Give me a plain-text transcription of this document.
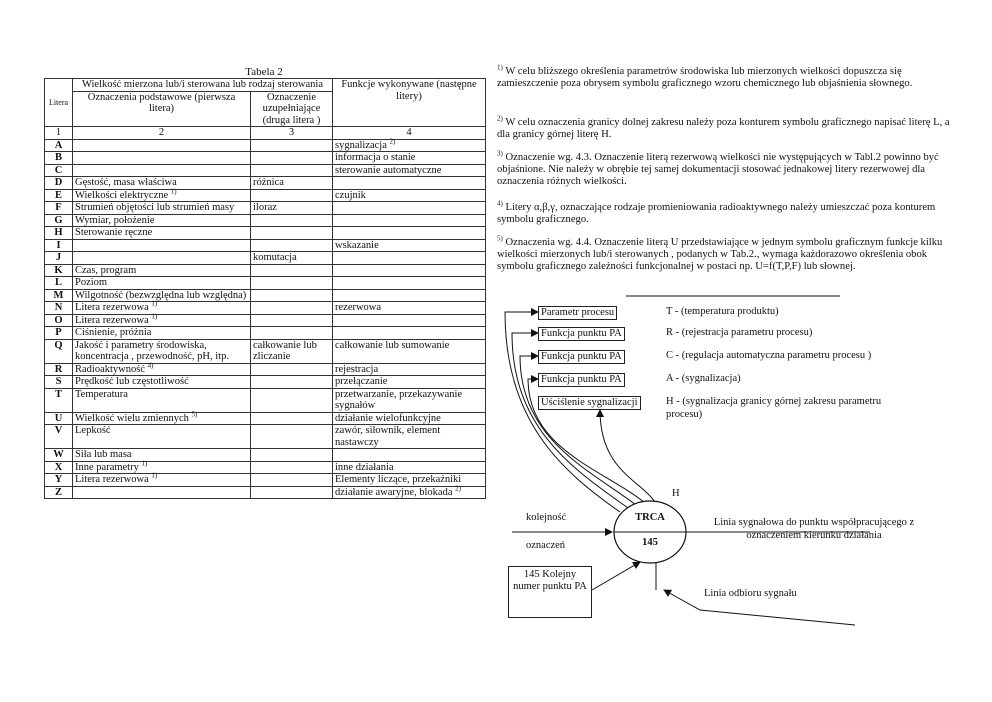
Tabela 2
Litera	Wielkość mierzona lub/i sterowana lub rodzaj sterowania		Funkcje wykonywane (następne litery)
	Oznaczenia podstawowe (pierwsza litera)	Oznaczenie uzupełniające (druga litera )	

1	2	3	4
A			sygnalizacja $^{2)}$
B			informacja o stanie
C			sterowanie automatyczne
D	Gęstość, masa właściwa	różnica	
E	Wielkości elektryczne $^{1)}$		czujnik
F	Strumień objętości lub strumień masy	iloraz	
G	Wymiar, położenie		
H	Sterowanie ręczne		
I			wskazanie
J		komutacja	
K	Czas, program		
L	Poziom		
M	Wilgotność (bezwzględna lub względna)		
N	Litera rezerwowa $^{1)}$		rezerwowa
O	Litera rezerwowa $^{1)}$		
P	Ciśnienie, próżnia		
Q	Jakość i parametry środowiska, koncentracja , przewodność, pH, itp.	całkowanie lub zliczanie	całkowanie lub sumowanie
R	Radioaktywność $^{4)}$		rejestracja
S	Prędkość lub częstotliwość		przełączanie
T	Temperatura		przetwarzanie, przekazywanie sygnałów
U	Wielkość wielu zmiennych $^{5)}$		działanie wielofunkcyjne
V	Lepkość		zawór, siłownik, element nastawczy
W	Siła lub masa		
X	Inne parametry $^{1)}$		inne działania
Y	Litera rezerwowa $^{1)}$		Elementy liczące, przekaźniki
Z			działanie awaryjne, blokada $^{2)}$
$^{1)}$ W celu bliższego określenia parametrów środowiska lub mierzonych wielkości dopuszcza się zamieszczenie poza obrysem symbolu graficznego wzoru chemicznego lub objaśnienia słownego.
$^{2)}$ W celu oznaczenia granicy dolnej zakresu należy poza konturem symbolu graficznego napisać literę L, a dla granicy górnej literę H.
$^{3)}$ Oznaczenie wg. 4.3. Oznaczenie literą rezerwową wielkości nie występujących w Tabl.2 powinno być objaśnione. Nie należy w obrębie tej samej dokumentacji stosować jednakowej litery rezerwowej dla oznaczenia różnych wielkości.
$^{4)}$ Litery α,β,γ, oznaczające rodzaje promieniowania radioaktywnego należy umieszczać poza konturem symbolu graficznego.
$^{5)}$ Oznaczenia wg. 4.4. Oznaczenie literą U przedstawiające w jednym symbolu graficznym funkcje kilku wielkości mierzonych lub/i sterowanych , podanych w Tab.2., wymaga każdorazowo określenia obok symbolu graficznego zależności funkcjonalnej w postaci np. U=f(T,P,F) lub słownej.
Parametr procesu
Funkcja punktu PA
Funkcja punktu PA
Funkcja punktu PA
Uściślenie sygnalizacji
T - (temperatura produktu)
R - (rejestracja parametru procesu)
C - (regulacja automatyczna parametru procesu )
A - (sygnalizacja)
H - (sygnalizacja granicy górnej zakresu parametru procesu)
H
TRCA
145
kolejność
oznaczeń
Linia sygnałowa do punktu współpracującego z oznaczeniem kierunku działania
145 Kolejny numer punktu PA
Linia odbioru sygnału
